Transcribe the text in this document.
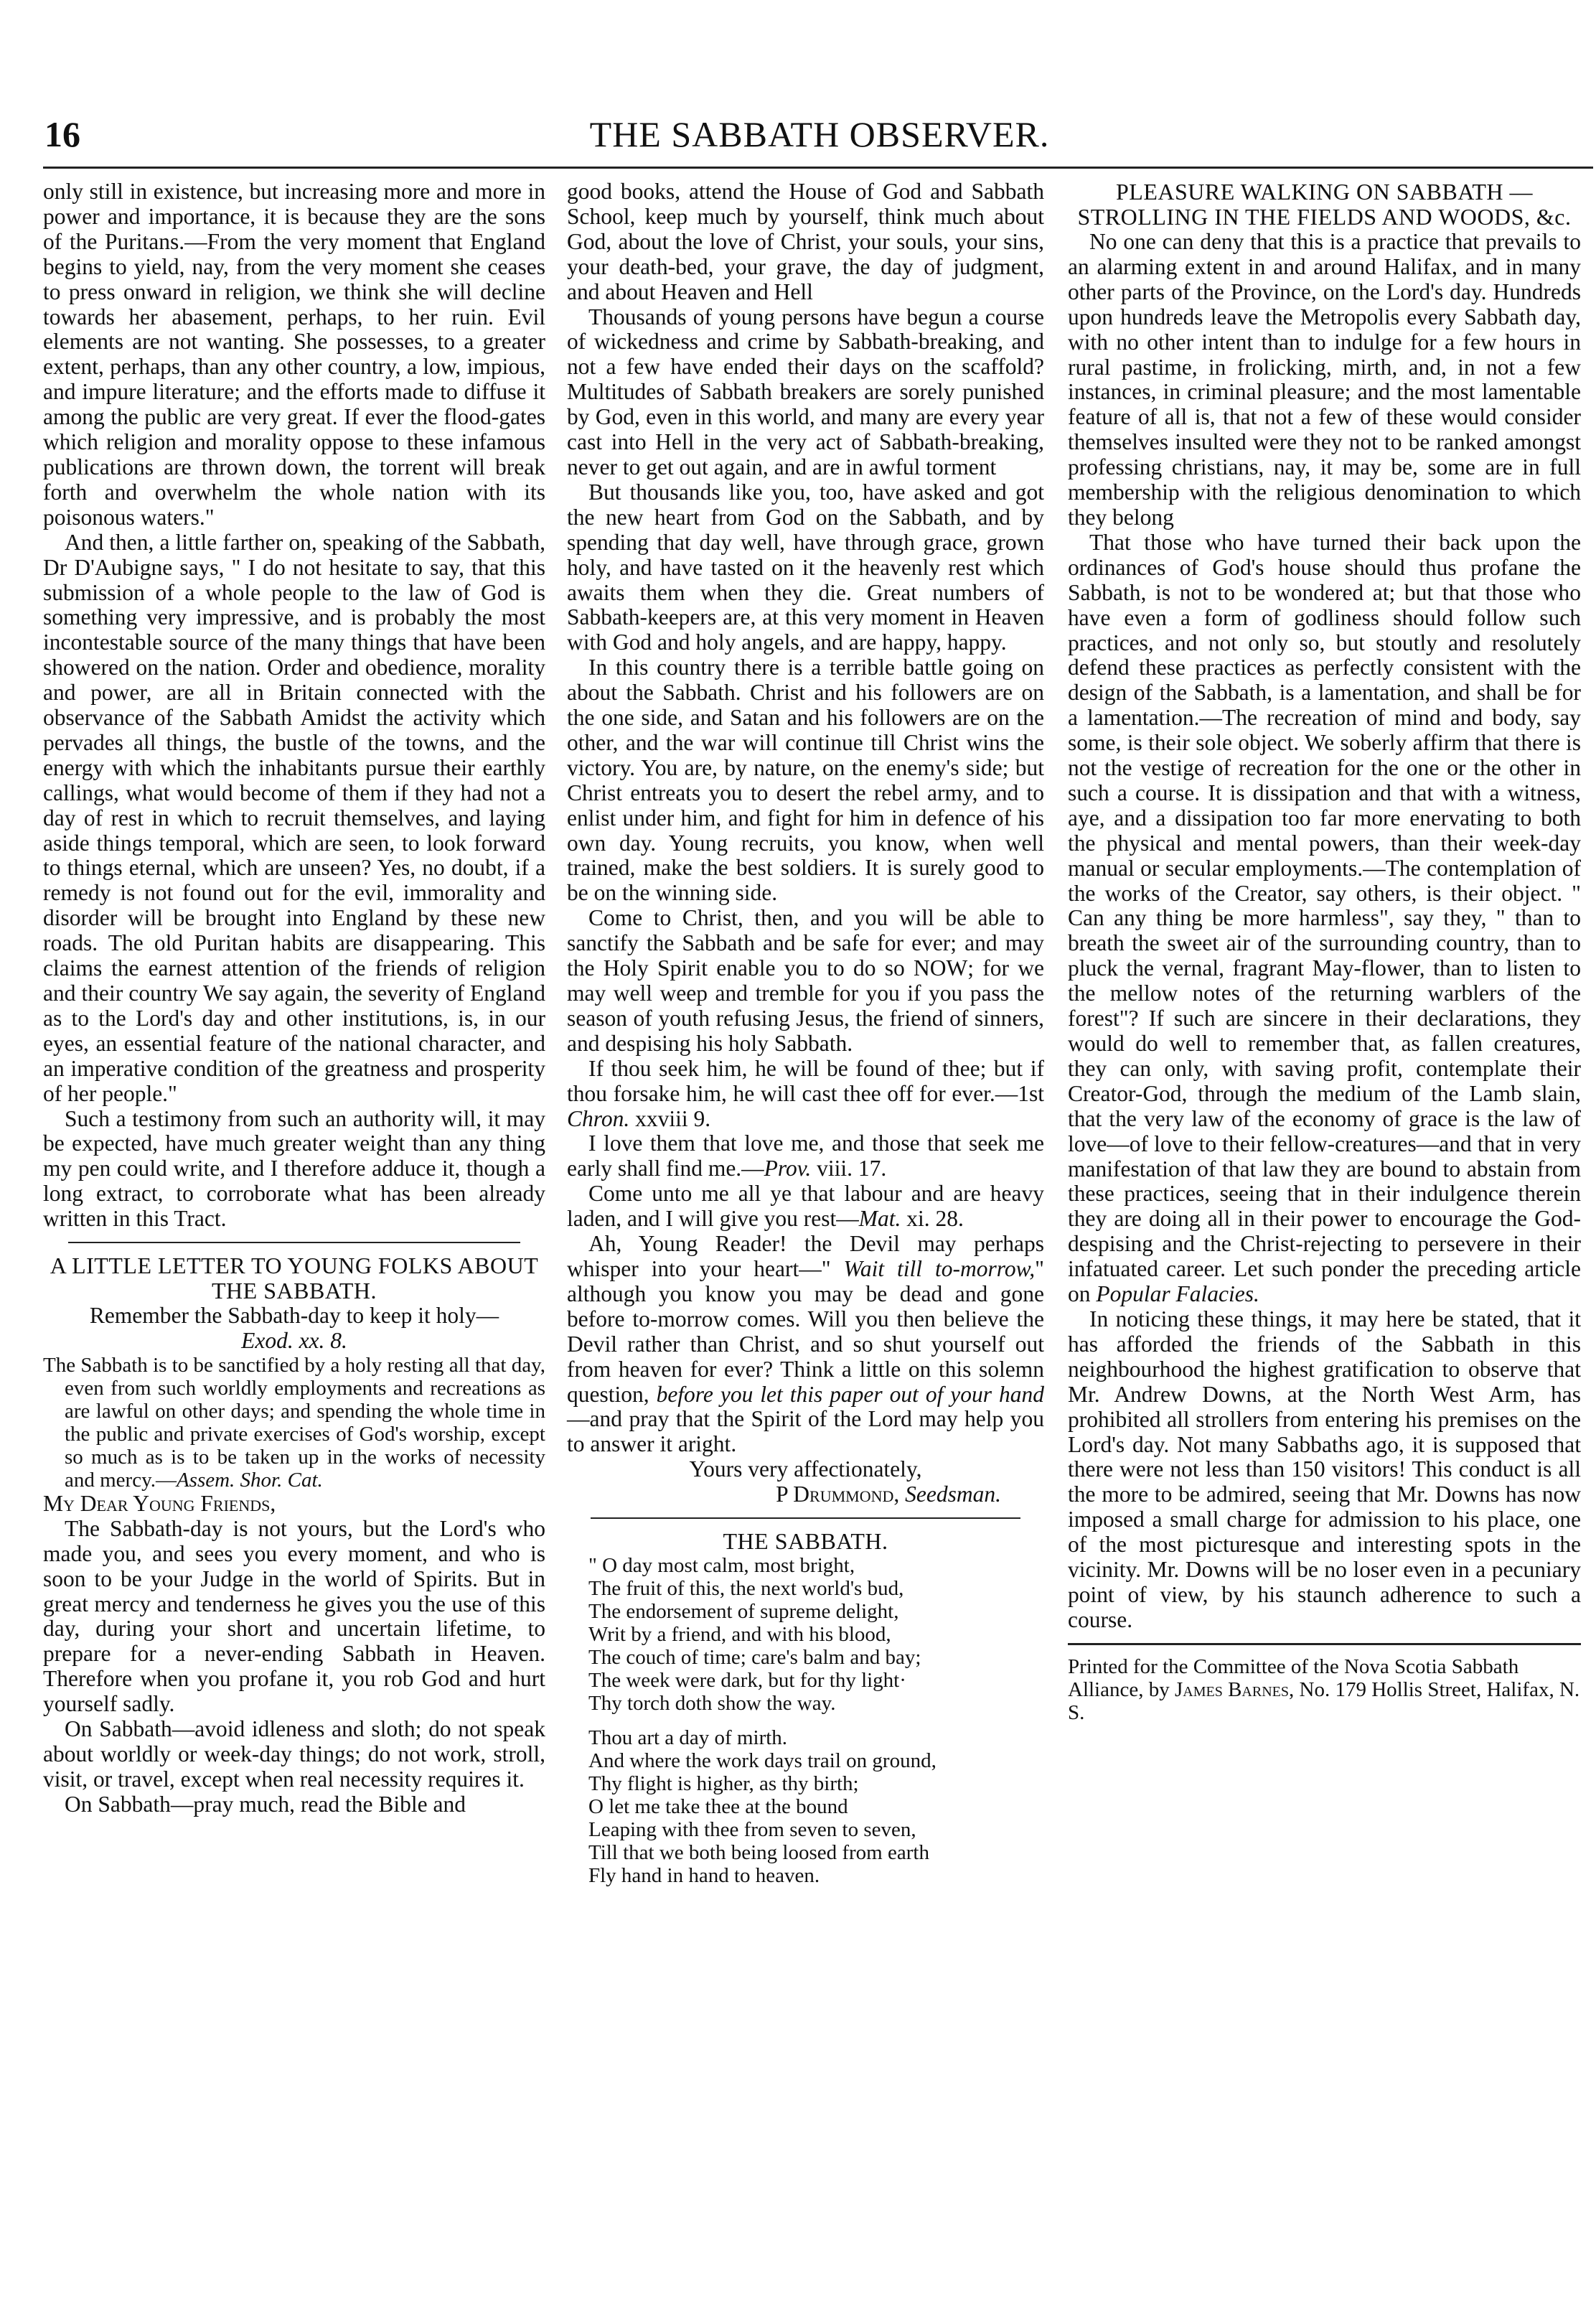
16	THE SABBATH OBSERVER.

only still in existence, but increasing more and more in power and importance, it is because they are the sons of the Puritans.—From the very moment that England begins to yield, nay, from the very moment she ceases to press onward in religion, we think she will decline towards her abasement, perhaps, to her ruin. Evil elements are not wanting. She possesses, to a greater extent, perhaps, than any other country, a low, impious, and impure literature; and the efforts made to diffuse it among the public are very great. If ever the flood-gates which religion and morality oppose to these infamous publications are thrown down, the torrent will break forth and overwhelm the whole nation with its poisonous waters."

And then, a little farther on, speaking of the Sabbath, Dr D'Aubigne says, " I do not hesitate to say, that this submission of a whole people to the law of God is something very impressive, and is probably the most incontestable source of the many things that have been showered on the nation. Order and obedience, morality and power, are all in Britain connected with the observance of the Sabbath Amidst the activity which pervades all things, the bustle of the towns, and the energy with which the inhabitants pursue their earthly callings, what would become of them if they had not a day of rest in which to recruit themselves, and laying aside things temporal, which are seen, to look forward to things eternal, which are unseen? Yes, no doubt, if a remedy is not found out for the evil, immorality and disorder will be brought into England by these new roads. The old Puritan habits are disappearing. This claims the earnest attention of the friends of religion and their country We say again, the severity of England as to the Lord's day and other institutions, is, in our eyes, an essential feature of the national character, and an imperative condition of the greatness and prosperity of her people."

Such a testimony from such an authority will, it may be expected, have much greater weight than any thing my pen could write, and I therefore adduce it, though a long extract, to corroborate what has been already written in this Tract.

A LITTLE LETTER TO YOUNG FOLKS ABOUT THE SABBATH.

Remember the Sabbath-day to keep it holy—
Exod. xx. 8.

The Sabbath is to be sanctified by a holy resting all that day, even from such worldly employments and recreations as are lawful on other days; and spending the whole time in the public and private exercises of God's worship, except so much as is to be taken up in the works of necessity and mercy.—Assem. Shor. Cat.

My Dear Young Friends,

The Sabbath-day is not yours, but the Lord's who made you, and sees you every moment, and who is soon to be your Judge in the world of Spirits. But in great mercy and tenderness he gives you the use of this day, during your short and uncertain lifetime, to prepare for a never-ending Sabbath in Heaven. Therefore when you profane it, you rob God and hurt yourself sadly.

On Sabbath—avoid idleness and sloth; do not speak about worldly or week-day things; do not work, stroll, visit, or travel, except when real necessity requires it.

On Sabbath—pray much, read the Bible and

good books, attend the House of God and Sabbath School, keep much by yourself, think much about God, about the love of Christ, your souls, your sins, your death-bed, your grave, the day of judgment, and about Heaven and Hell

Thousands of young persons have begun a course of wickedness and crime by Sabbath-breaking, and not a few have ended their days on the scaffold? Multitudes of Sabbath breakers are sorely punished by God, even in this world, and many are every year cast into Hell in the very act of Sabbath-breaking, never to get out again, and are in awful torment

But thousands like you, too, have asked and got the new heart from God on the Sabbath, and by spending that day well, have through grace, grown holy, and have tasted on it the heavenly rest which awaits them when they die. Great numbers of Sabbath-keepers are, at this very moment in Heaven with God and holy angels, and are happy, happy.

In this country there is a terrible battle going on about the Sabbath. Christ and his followers are on the one side, and Satan and his followers are on the other, and the war will continue till Christ wins the victory. You are, by nature, on the enemy's side; but Christ entreats you to desert the rebel army, and to enlist under him, and fight for him in defence of his own day. Young recruits, you know, when well trained, make the best soldiers. It is surely good to be on the winning side.

Come to Christ, then, and you will be able to sanctify the Sabbath and be safe for ever; and may the Holy Spirit enable you to do so NOW; for we may well weep and tremble for you if you pass the season of youth refusing Jesus, the friend of sinners, and despising his holy Sabbath.

If thou seek him, he will be found of thee; but if thou forsake him, he will cast thee off for ever.—1st Chron. xxviii 9.

I love them that love me, and those that seek me early shall find me.—Prov. viii. 17.

Come unto me all ye that labour and are heavy laden, and I will give you rest—Mat. xi. 28.

Ah, Young Reader! the Devil may perhaps whisper into your heart—" Wait till to-morrow," although you know you may be dead and gone before to-morrow comes. Will you then believe the Devil rather than Christ, and so shut yourself out from heaven for ever? Think a little on this solemn question, before you let this paper out of your hand—and pray that the Spirit of the Lord may help you to answer it aright.

Yours very affectionately,

P Drummond, Seedsman.

THE SABBATH.

" O day most calm, most bright,
The fruit of this, the next world's bud,
The endorsement of supreme delight,
Writ by a friend, and with his blood,
The couch of time; care's balm and bay;
The week were dark, but for thy light·
Thy torch doth show the way.
Thou art a day of mirth.
And where the work days trail on ground,
Thy flight is higher, as thy birth;
O let me take thee at the bound
Leaping with thee from seven to seven,
Till that we both being loosed from earth
Fly hand in hand to heaven.

PLEASURE WALKING ON SABBATH —STROLLING IN THE FIELDS AND WOODS, &c.

No one can deny that this is a practice that prevails to an alarming extent in and around Halifax, and in many other parts of the Province, on the Lord's day. Hundreds upon hundreds leave the Metropolis every Sabbath day, with no other intent than to indulge for a few hours in rural pastime, in frolicking, mirth, and, in not a few instances, in criminal pleasure; and the most lamentable feature of all is, that not a few of these would consider themselves insulted were they not to be ranked amongst professing christians, nay, it may be, some are in full membership with the religious denomination to which they belong

That those who have turned their back upon the ordinances of God's house should thus profane the Sabbath, is not to be wondered at; but that those who have even a form of godliness should follow such practices, and not only so, but stoutly and resolutely defend these practices as perfectly consistent with the design of the Sabbath, is a lamentation, and shall be for a lamentation.—The recreation of mind and body, say some, is their sole object. We soberly affirm that there is not the vestige of recreation for the one or the other in such a course. It is dissipation and that with a witness, aye, and a dissipation too far more enervating to both the physical and mental powers, than their week-day manual or secular employments.—The contemplation of the works of the Creator, say others, is their object. " Can any thing be more harmless", say they, " than to breath the sweet air of the surrounding country, than to pluck the vernal, fragrant May-flower, than to listen to the mellow notes of the returning warblers of the forest"? If such are sincere in their declarations, they would do well to remember that, as fallen creatures, they can only, with saving profit, contemplate their Creator-God, through the medium of the Lamb slain, that the very law of the economy of grace is the law of love—of love to their fellow-creatures—and that in very manifestation of that law they are bound to abstain from these practices, seeing that in their indulgence therein they are doing all in their power to encourage the God-despising and the Christ-rejecting to persevere in their infatuated career. Let such ponder the preceding article on Popular Falacies.

In noticing these things, it may here be stated, that it has afforded the friends of the Sabbath in this neighbourhood the highest gratification to observe that Mr. Andrew Downs, at the North West Arm, has prohibited all strollers from entering his premises on the Lord's day. Not many Sabbaths ago, it is supposed that there were not less than 150 visitors! This conduct is all the more to be admired, seeing that Mr. Downs has now imposed a small charge for admission to his place, one of the most picturesque and interesting spots in the vicinity. Mr. Downs will be no loser even in a pecuniary point of view, by his staunch adherence to such a course.

Printed for the Committee of the Nova Scotia Sabbath Alliance, by James Barnes, No. 179 Hollis Street, Halifax, N. S.
